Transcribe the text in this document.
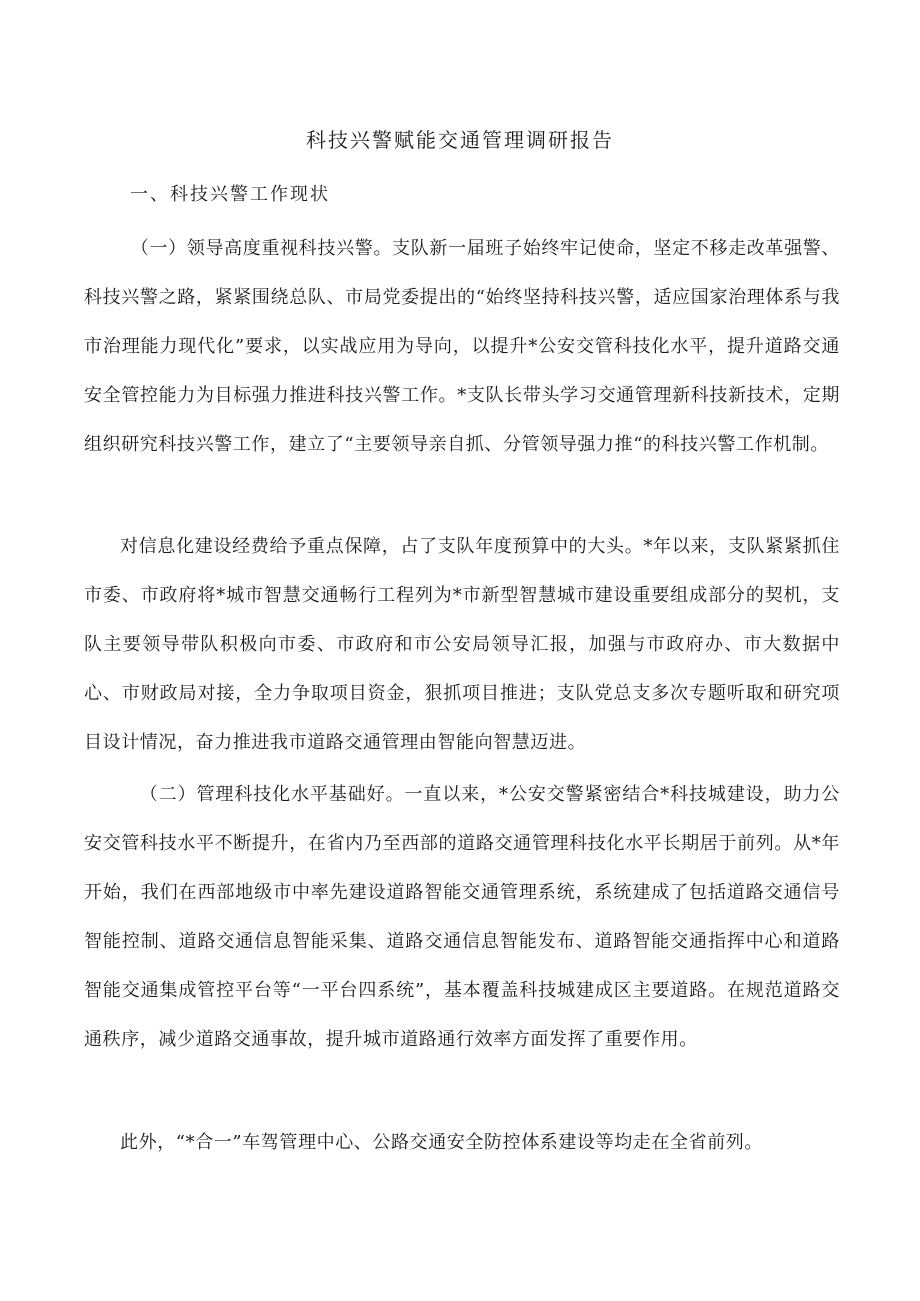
科技兴警赋能交通管理调研报告
一、科技兴警工作现状

（一）领导高度重视科技兴警。支队新一届班子始终牢记使命，坚定不移走改革强警、科技兴警之路，紧紧围绕总队、市局党委提出的“始终坚持科技兴警，适应国家治理体系与我市治理能力现代化”要求，以实战应用为导向，以提升*公安交管科技化水平，提升道路交通安全管控能力为目标强力推进科技兴警工作。*支队长带头学习交通管理新科技新技术，定期组织研究科技兴警工作，建立了“主要领导亲自抓、分管领导强力推“的科技兴警工作机制。

对信息化建设经费给予重点保障，占了支队年度预算中的大头。*年以来，支队紧紧抓住市委、市政府将*城市智慧交通畅行工程列为*市新型智慧城市建设重要组成部分的契机，支队主要领导带队积极向市委、市政府和市公安局领导汇报，加强与市政府办、市大数据中心、市财政局对接，全力争取项目资金，狠抓项目推进；支队党总支多次专题听取和研究项目设计情况，奋力推进我市道路交通管理由智能向智慧迈进。

（二）管理科技化水平基础好。一直以来，*公安交警紧密结合*科技城建设，助力公安交管科技水平不断提升，在省内乃至西部的道路交通管理科技化水平长期居于前列。从*年开始，我们在西部地级市中率先建设道路智能交通管理系统，系统建成了包括道路交通信号智能控制、道路交通信息智能采集、道路交通信息智能发布、道路智能交通指挥中心和道路智能交通集成管控平台等“一平台四系统”，基本覆盖科技城建成区主要道路。在规范道路交通秩序，减少道路交通事故，提升城市道路通行效率方面发挥了重要作用。

此外，“*合一”车驾管理中心、公路交通安全防控体系建设等均走在全省前列。
